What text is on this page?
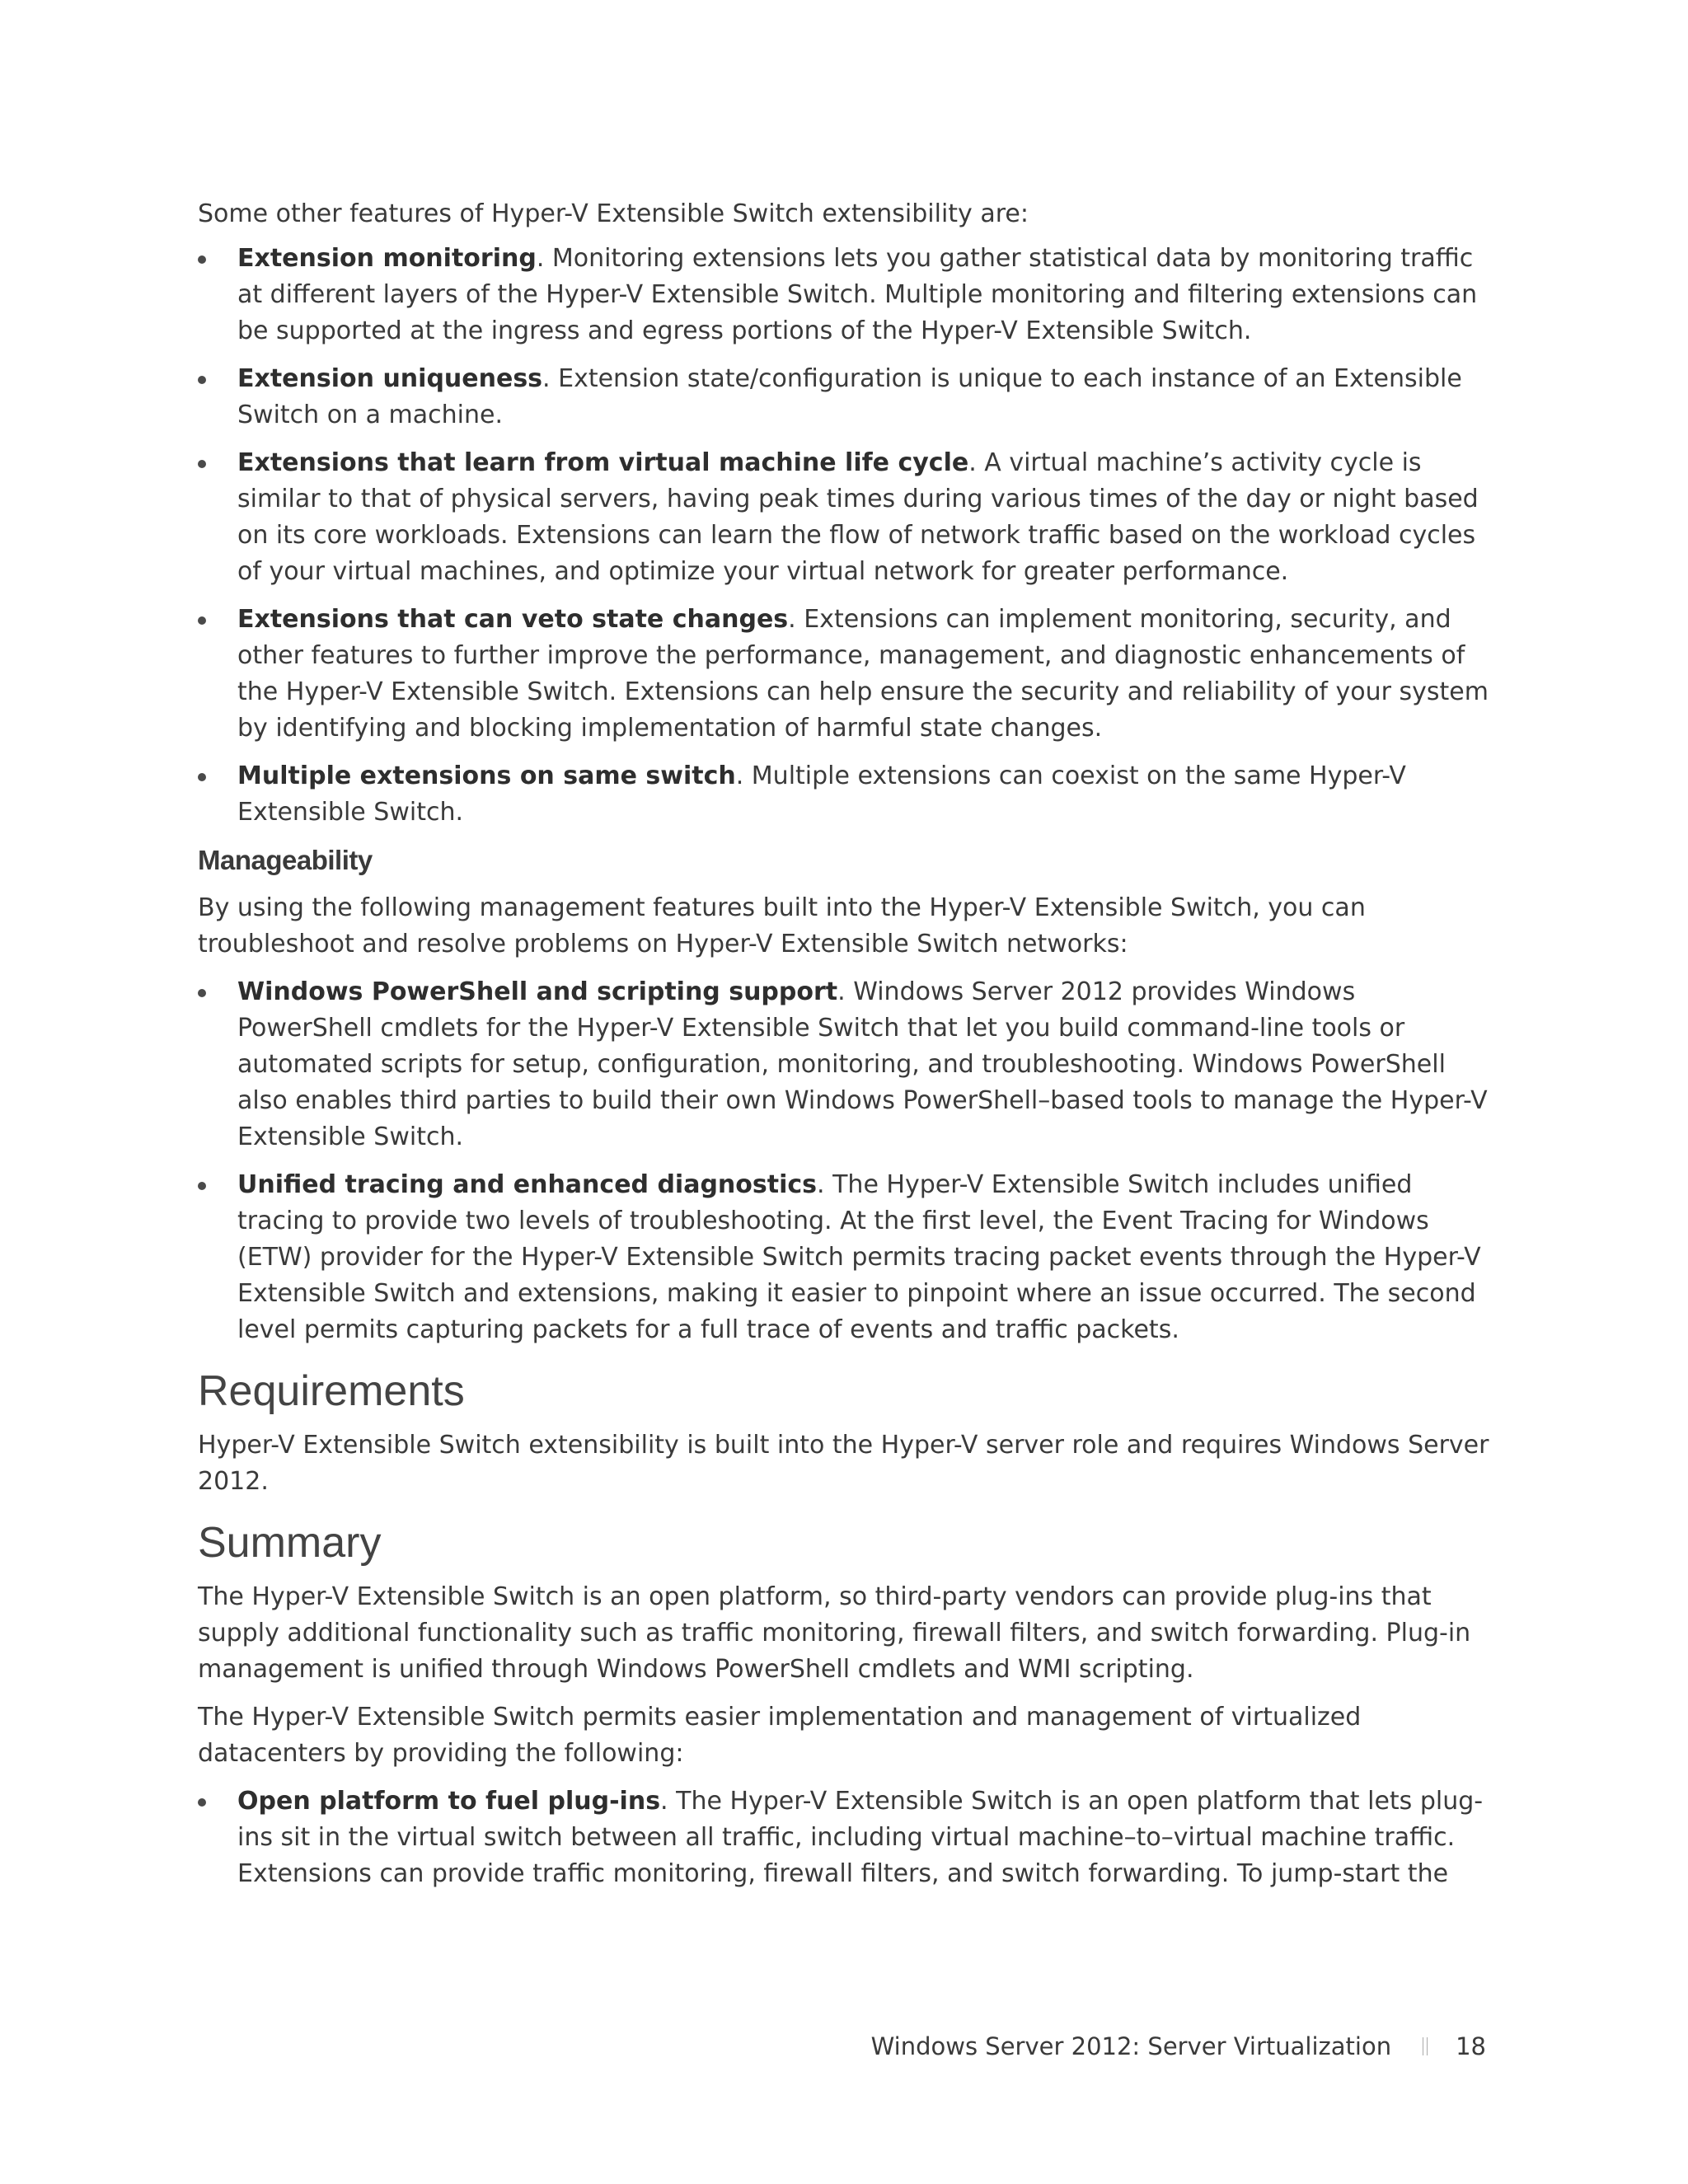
Some other features of Hyper-V Extensible Switch extensibility are:

Extension monitoring. Monitoring extensions lets you gather statistical data by monitoring traffic at different layers of the Hyper-V Extensible Switch. Multiple monitoring and filtering extensions can be supported at the ingress and egress portions of the Hyper-V Extensible Switch.
Extension uniqueness. Extension state/configuration is unique to each instance of an Extensible Switch on a machine.
Extensions that learn from virtual machine life cycle. A virtual machine’s activity cycle is similar to that of physical servers, having peak times during various times of the day or night based on its core workloads. Extensions can learn the flow of network traffic based on the workload cycles of your virtual machines, and optimize your virtual network for greater performance.
Extensions that can veto state changes. Extensions can implement monitoring, security, and other features to further improve the performance, management, and diagnostic enhancements of the Hyper-V Extensible Switch. Extensions can help ensure the security and reliability of your system by identifying and blocking implementation of harmful state changes.
Multiple extensions on same switch. Multiple extensions can coexist on the same Hyper-V Extensible Switch.
Manageability

By using the following management features built into the Hyper-V Extensible Switch, you can troubleshoot and resolve problems on Hyper-V Extensible Switch networks:

Windows PowerShell and scripting support. Windows Server 2012 provides Windows PowerShell cmdlets for the Hyper-V Extensible Switch that let you build command-line tools or automated scripts for setup, configuration, monitoring, and troubleshooting. Windows PowerShell also enables third parties to build their own Windows PowerShell–based tools to manage the Hyper-V Extensible Switch.
Unified tracing and enhanced diagnostics. The Hyper-V Extensible Switch includes unified tracing to provide two levels of troubleshooting. At the first level, the Event Tracing for Windows (ETW) provider for the Hyper-V Extensible Switch permits tracing packet events through the Hyper-V Extensible Switch and extensions, making it easier to pinpoint where an issue occurred. The second level permits capturing packets for a full trace of events and traffic packets.
Requirements

Hyper-V Extensible Switch extensibility is built into the Hyper-V server role and requires Windows Server 2012.

Summary

The Hyper-V Extensible Switch is an open platform, so third-party vendors can provide plug-ins that supply additional functionality such as traffic monitoring, firewall filters, and switch forwarding. Plug-in management is unified through Windows PowerShell cmdlets and WMI scripting.

The Hyper-V Extensible Switch permits easier implementation and management of virtualized datacenters by providing the following:

Open platform to fuel plug-ins. The Hyper-V Extensible Switch is an open platform that lets plug-ins sit in the virtual switch between all traffic, including virtual machine–to–virtual machine traffic. Extensions can provide traffic monitoring, firewall filters, and switch forwarding. To jump-start the
Windows Server 2012: Server Virtualization	18
